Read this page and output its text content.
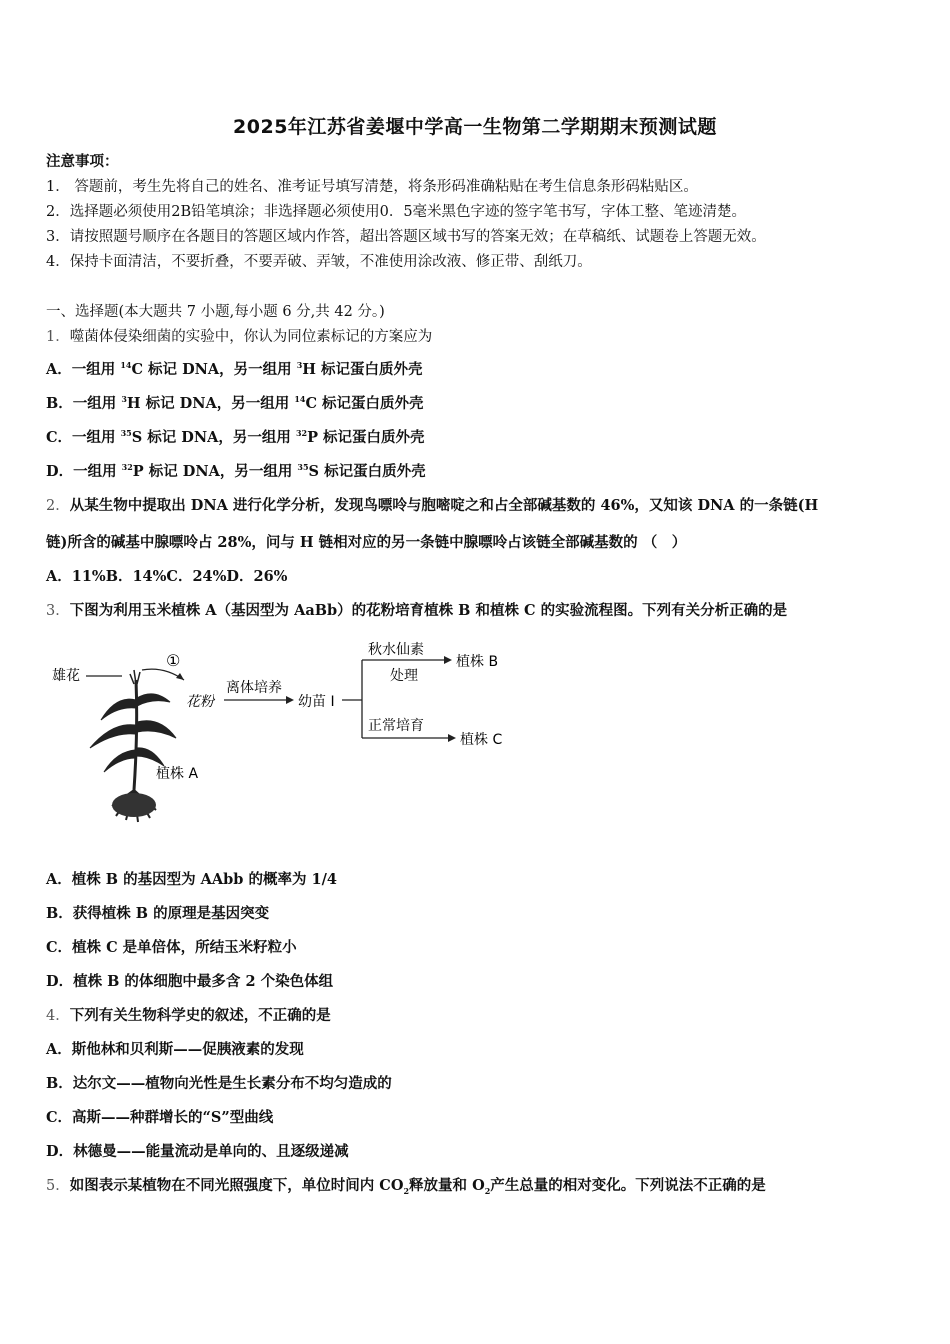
2025年江苏省姜堰中学高一生物第二学期期末预测试题
注意事项：
1． 答题前，考生先将自己的姓名、准考证号填写清楚，将条形码准确粘贴在考生信息条形码粘贴区。
2．选择题必须使用2B铅笔填涂；非选择题必须使用0．5毫米黑色字迹的签字笔书写，字体工整、笔迹清楚。
3．请按照题号顺序在各题目的答题区域内作答，超出答题区域书写的答案无效；在草稿纸、试题卷上答题无效。
4．保持卡面清洁，不要折叠，不要弄破、弄皱，不准使用涂改液、修正带、刮纸刀。
一、选择题(本大题共 7 小题,每小题 6 分,共 42 分。)
1．噬菌体侵染细菌的实验中，你认为同位素标记的方案应为
A．一组用 $^{14}$C 标记 DNA，另一组用 $^3$H 标记蛋白质外壳
B．一组用 $^3$H 标记 DNA，另一组用 $^{14}$C 标记蛋白质外壳
C．一组用 $^{35}$S 标记 DNA，另一组用 $^{32}$P 标记蛋白质外壳
D．一组用 $^{32}$P 标记 DNA，另一组用 $^{35}$S 标记蛋白质外壳
2．从某生物中提取出 DNA 进行化学分析，发现鸟嘌呤与胞嘧啶之和占全部碱基数的 46%，又知该 DNA 的一条链(H
链)所含的碱基中腺嘌呤占 28%，问与 H 链相对应的另一条链中腺嘌呤占该链全部碱基数的 （　）
A．11%B．14%C．24%D．26%
3．下图为利用玉米植株 A（基因型为 AaBb）的花粉培育植株 B 和植株 C 的实验流程图。下列有关分析正确的是
雄花
①
花粉
离体培养
幼苗 I
秋水仙素
处理
植株 B
正常培育
植株 C
植株 A
A．植株 B 的基因型为 AAbb 的概率为 1/4
B．获得植株 B 的原理是基因突变
C．植株 C 是单倍体，所结玉米籽粒小
D．植株 B 的体细胞中最多含 2 个染色体组
4．下列有关生物科学史的叙述，不正确的是
A．斯他林和贝利斯——促胰液素的发现
B．达尔文——植物向光性是生长素分布不均匀造成的
C．高斯——种群增长的“S”型曲线
D．林德曼——能量流动是单向的、且逐级递减
5．如图表示某植物在不同光照强度下，单位时间内 $CO_2$释放量和 $O_2$产生总量的相对变化。下列说法不正确的是
